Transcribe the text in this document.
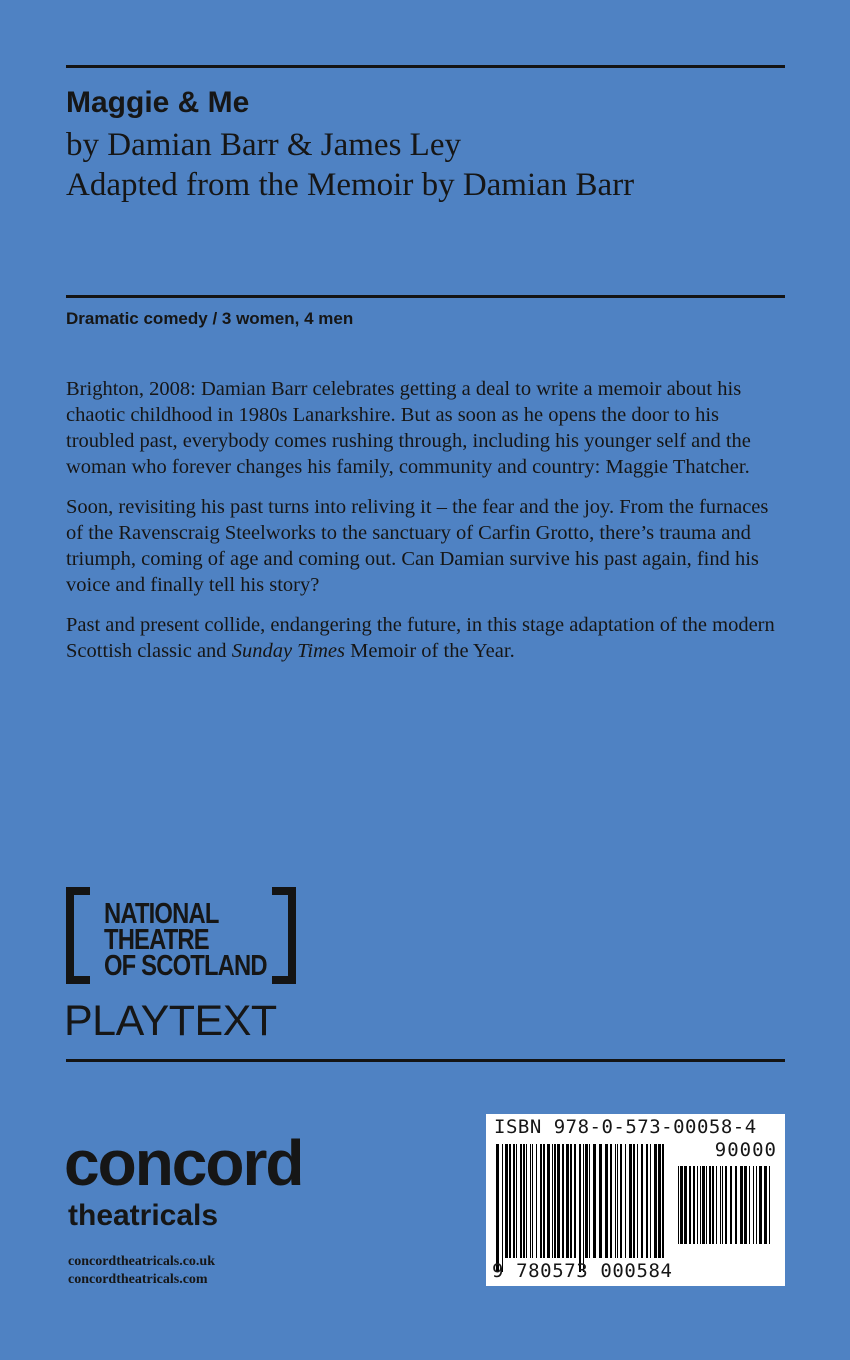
Maggie & Me
by Damian Barr & James Ley
Adapted from the Memoir by Damian Barr
Dramatic comedy / 3 women, 4 men

Brighton, 2008: Damian Barr celebrates getting a deal to write a memoir about his chaotic childhood in 1980s Lanarkshire. But as soon as he opens the door to his troubled past, everybody comes rushing through, including his younger self and the woman who forever changes his family, community and country: Maggie Thatcher.

Soon, revisiting his past turns into reliving it – the fear and the joy. From the furnaces of the Ravenscraig Steelworks to the sanctuary of Carfin Grotto, there’s trauma and triumph, coming of age and coming out. Can Damian survive his past again, find his voice and finally tell his story?

Past and present collide, endangering the future, in this stage adaptation of the modern Scottish classic and Sunday Times Memoir of the Year.

NATIONAL
THEATRE
OF SCOTLAND
PLAYTEXT
concord
theatricals
concordtheatricals.co.uk
concordtheatricals.com
ISBN 978-0-573-00058-4
90000
9 780573 000584
